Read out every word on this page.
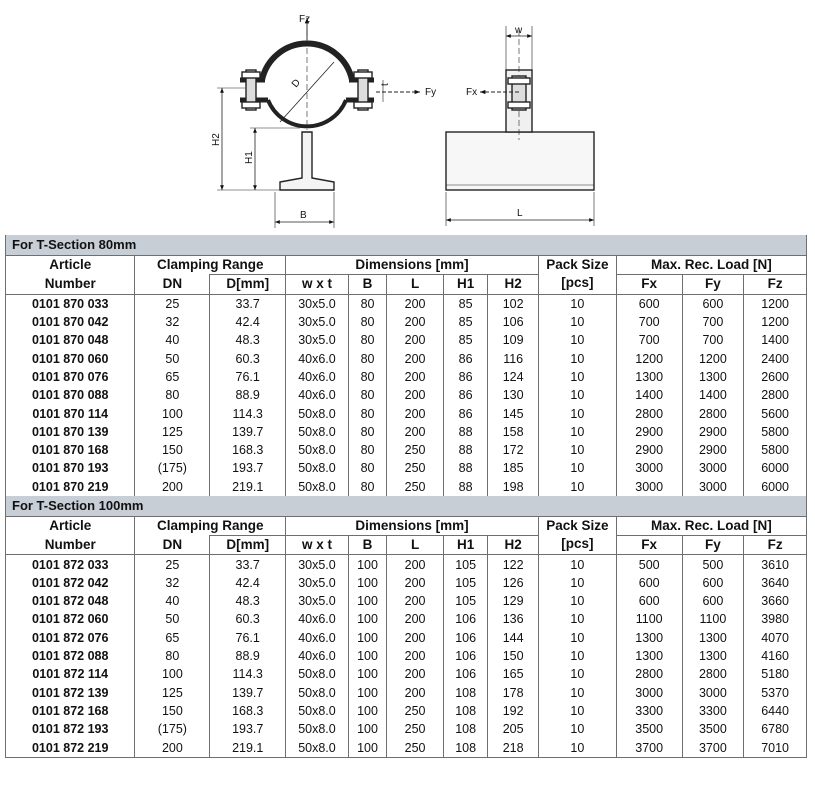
Fz
Fy	Fx
D	t
w
H2
H1
B	L
For T-Section 80mm											
Article	Clamping Range		Dimensions [mm]					Pack Size	Max. Rec. Load [N]		
Number	DN	D[mm]	w x t	B	L	H1	H2	[pcs]	Fx	Fy	Fz
0101 870 033	25	33.7	30x5.0	80	200	85	102	10	600	600	1200
0101 870 042	32	42.4	30x5.0	80	200	85	106	10	700	700	1200
0101 870 048	40	48.3	30x5.0	80	200	85	109	10	700	700	1400
0101 870 060	50	60.3	40x6.0	80	200	86	116	10	1200	1200	2400
0101 870 076	65	76.1	40x6.0	80	200	86	124	10	1300	1300	2600
0101 870 088	80	88.9	40x6.0	80	200	86	130	10	1400	1400	2800
0101 870 114	100	114.3	50x8.0	80	200	86	145	10	2800	2800	5600
0101 870 139	125	139.7	50x8.0	80	200	88	158	10	2900	2900	5800
0101 870 168	150	168.3	50x8.0	80	250	88	172	10	2900	2900	5800
0101 870 193	(175)	193.7	50x8.0	80	250	88	185	10	3000	3000	6000
0101 870 219	200	219.1	50x8.0	80	250	88	198	10	3000	3000	6000
For T-Section 100mm											
Article	Clamping Range		Dimensions [mm]					Pack Size	Max. Rec. Load [N]		
Number	DN	D[mm]	w x t	B	L	H1	H2	[pcs]	Fx	Fy	Fz
0101 872 033	25	33.7	30x5.0	100	200	105	122	10	500	500	3610
0101 872 042	32	42.4	30x5.0	100	200	105	126	10	600	600	3640
0101 872 048	40	48.3	30x5.0	100	200	105	129	10	600	600	3660
0101 872 060	50	60.3	40x6.0	100	200	106	136	10	1100	1100	3980
0101 872 076	65	76.1	40x6.0	100	200	106	144	10	1300	1300	4070
0101 872 088	80	88.9	40x6.0	100	200	106	150	10	1300	1300	4160
0101 872 114	100	114.3	50x8.0	100	200	106	165	10	2800	2800	5180
0101 872 139	125	139.7	50x8.0	100	200	108	178	10	3000	3000	5370
0101 872 168	150	168.3	50x8.0	100	250	108	192	10	3300	3300	6440
0101 872 193	(175)	193.7	50x8.0	100	250	108	205	10	3500	3500	6780
0101 872 219	200	219.1	50x8.0	100	250	108	218	10	3700	3700	7010
